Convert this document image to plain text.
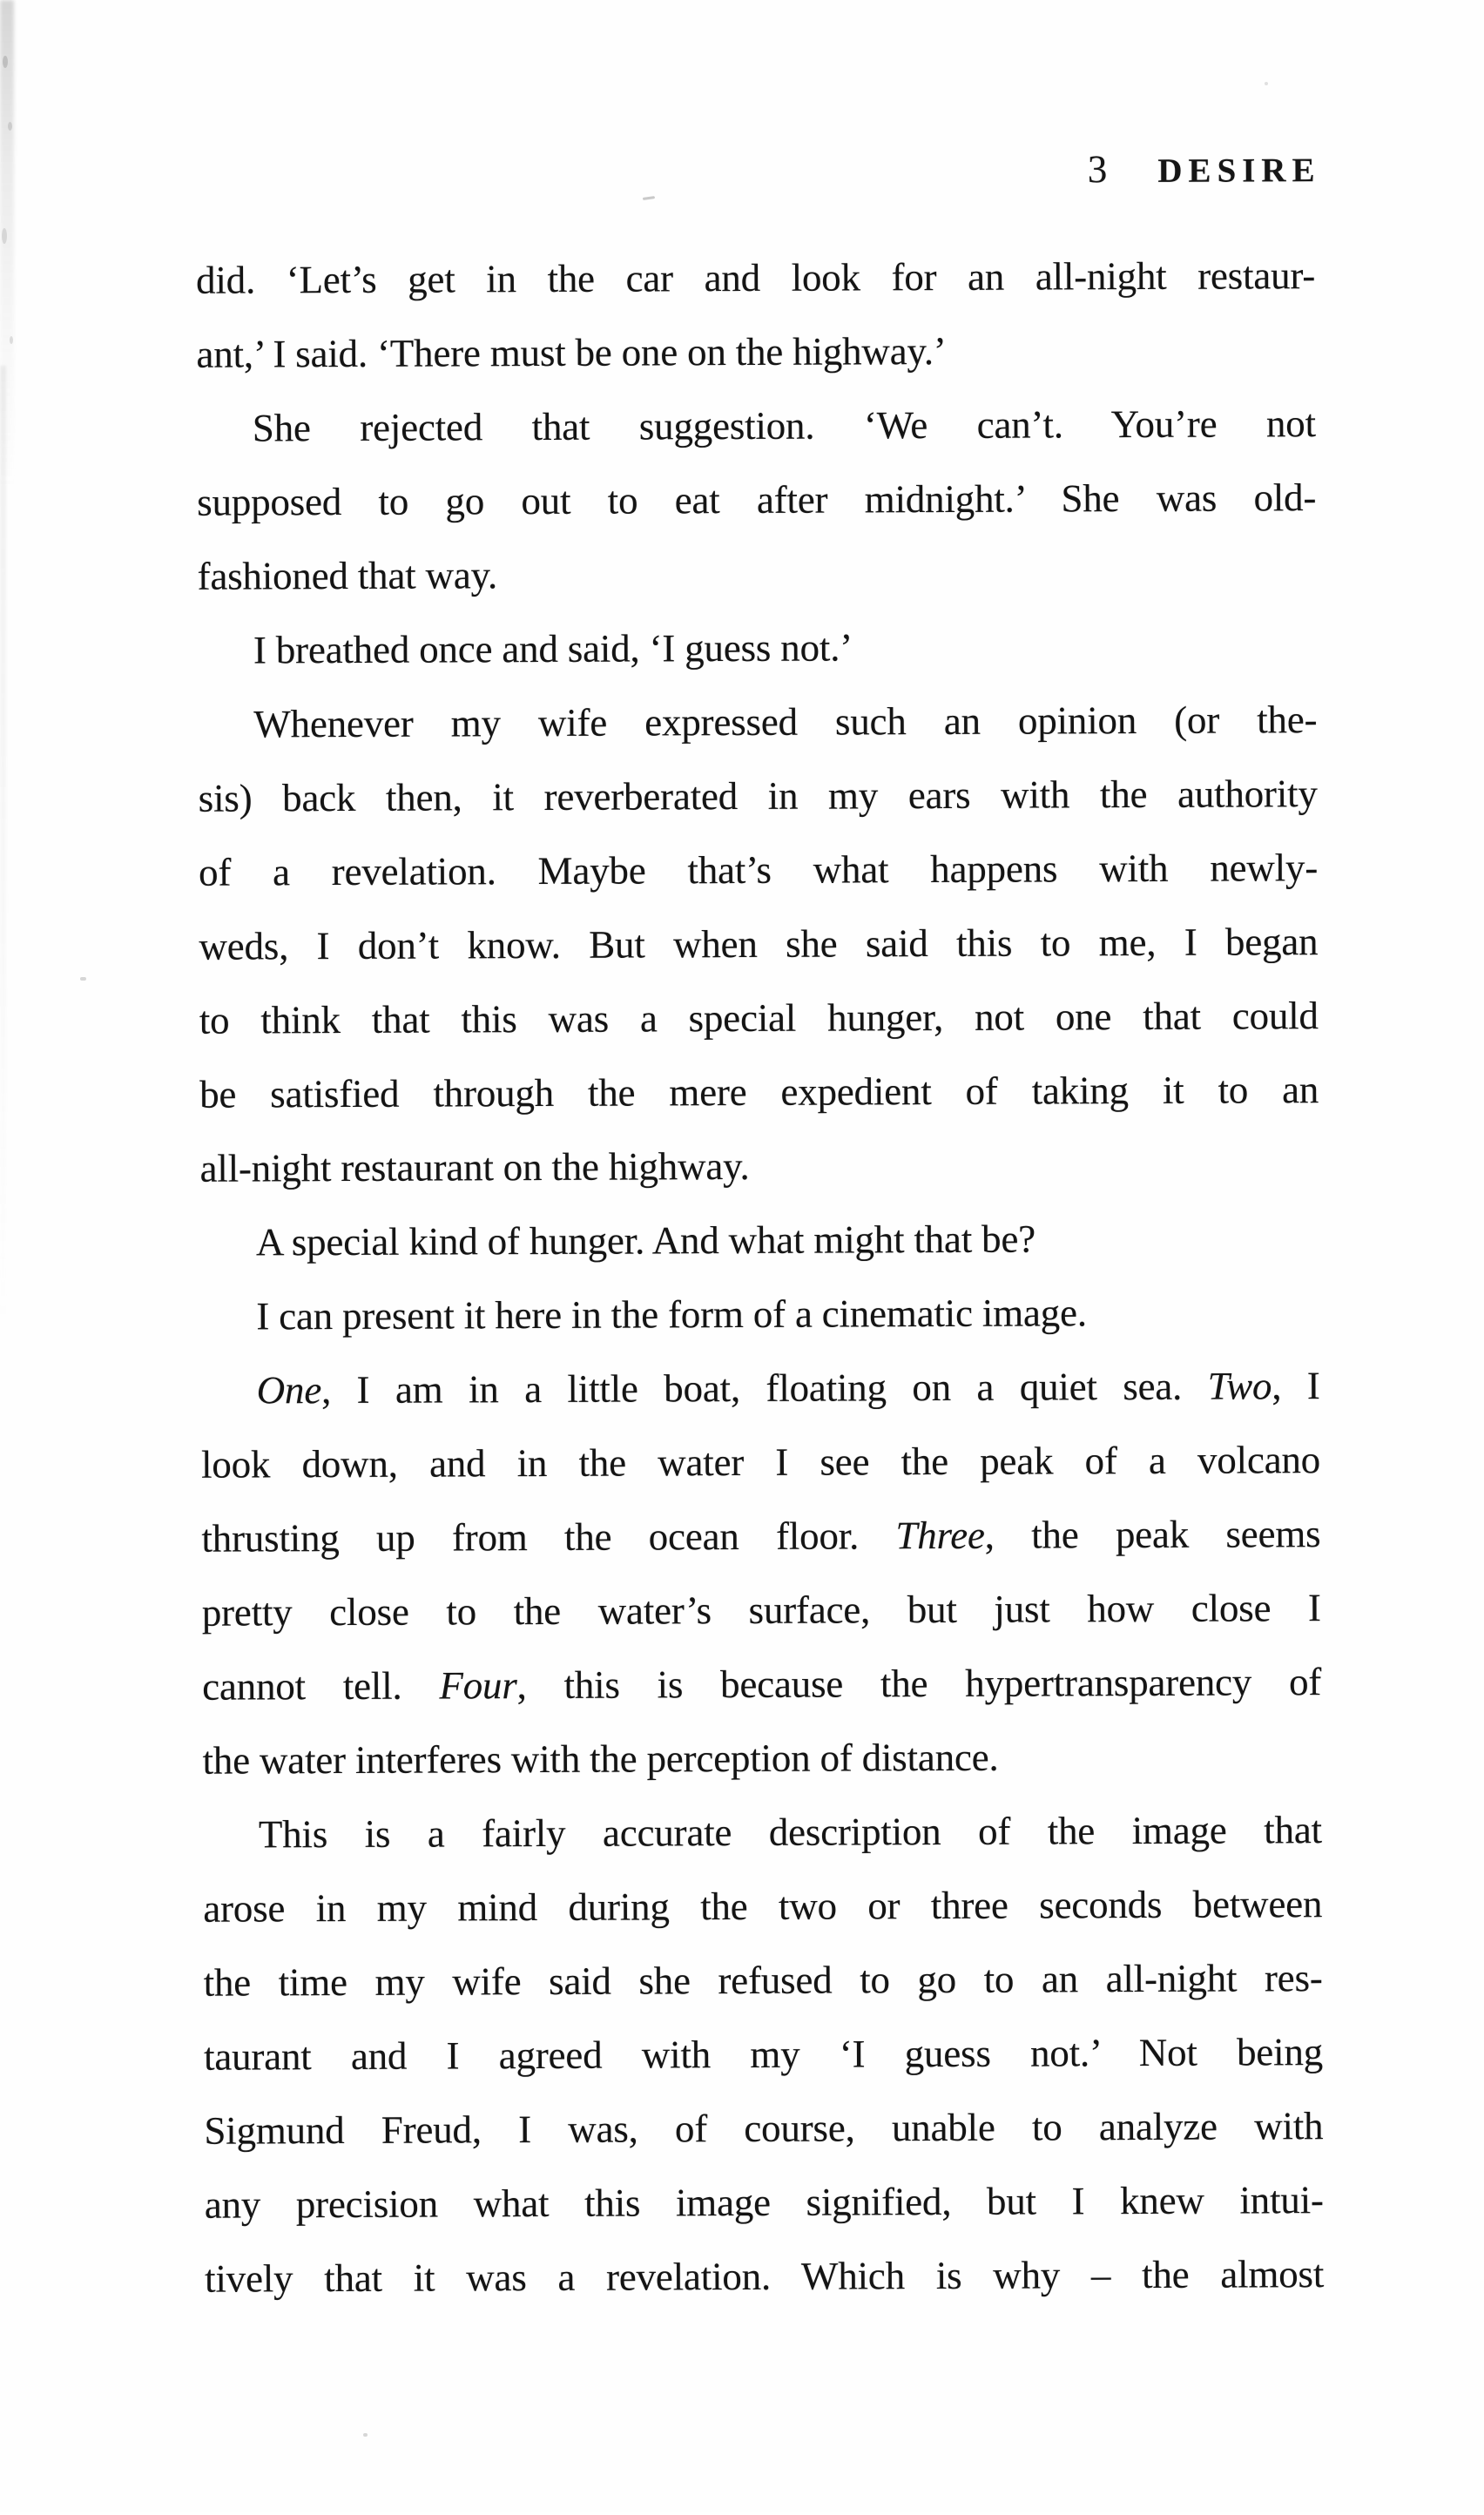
3 DESIRE
did. ‘Let’s get in the car and look for an all-night restaur-
ant,’ I said. ‘There must be one on the highway.’
She rejected that suggestion. ‘We can’t. You’re not
supposed to go out to eat after midnight.’ She was old-
fashioned that way.
I breathed once and said, ‘I guess not.’
Whenever my wife expressed such an opinion (or the-
sis) back then, it reverberated in my ears with the authority
of a revelation. Maybe that’s what happens with newly-
weds, I don’t know. But when she said this to me, I began
to think that this was a special hunger, not one that could
be satisfied through the mere expedient of taking it to an
all-night restaurant on the highway.
A special kind of hunger. And what might that be?
I can present it here in the form of a cinematic image.
One, I am in a little boat, floating on a quiet sea. Two, I
look down, and in the water I see the peak of a volcano
thrusting up from the ocean floor. Three, the peak seems
pretty close to the water’s surface, but just how close I
cannot tell. Four, this is because the hypertransparency of
the water interferes with the perception of distance.
This is a fairly accurate description of the image that
arose in my mind during the two or three seconds between
the time my wife said she refused to go to an all-night res-
taurant and I agreed with my ‘I guess not.’ Not being
Sigmund Freud, I was, of course, unable to analyze with
any precision what this image signified, but I knew intui-
tively that it was a revelation. Which is why – the almost
